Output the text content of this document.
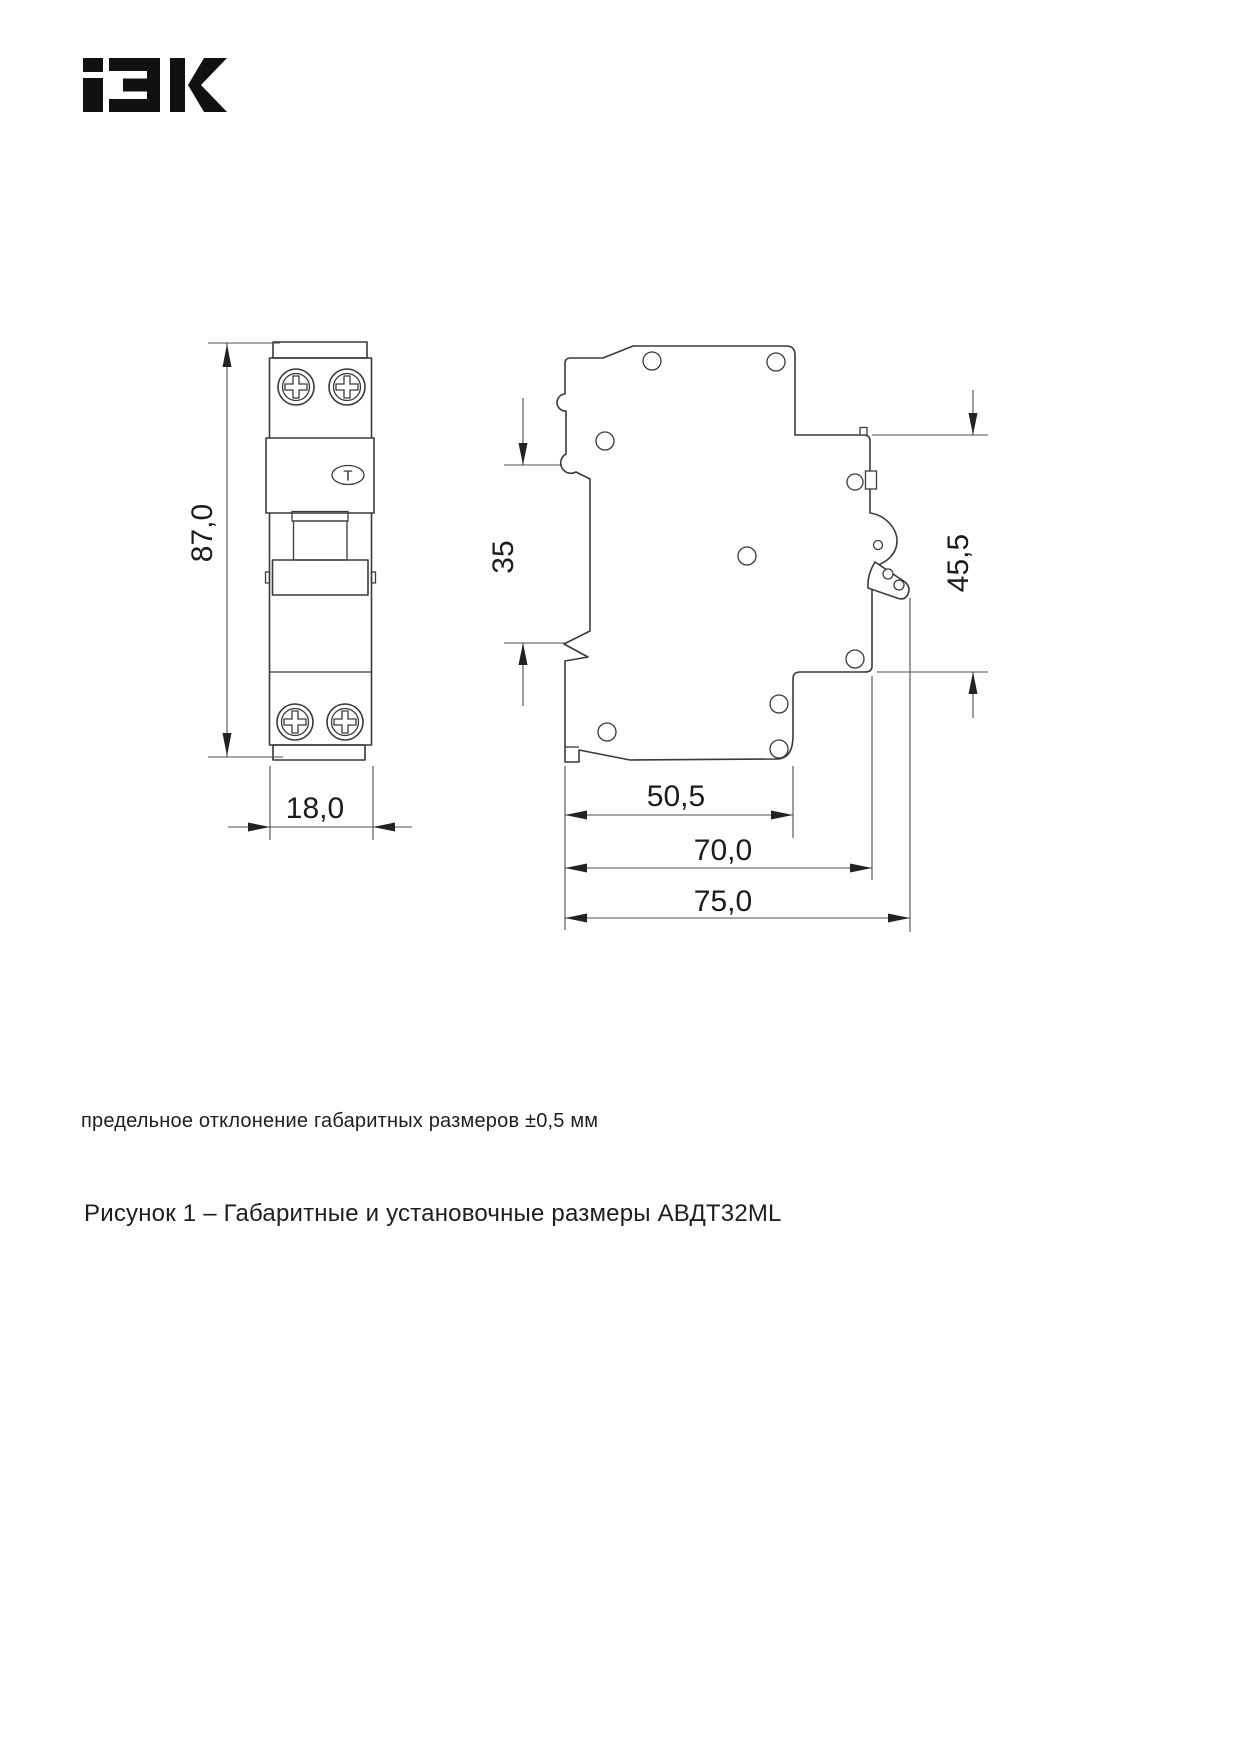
Т
87,0
18,0
35	45,5
50,5
70,0
75,0
предельное отклонение габаритных размеров ±0,5 мм
Рисунок 1 – Габаритные и установочные размеры АВДТ32ML
